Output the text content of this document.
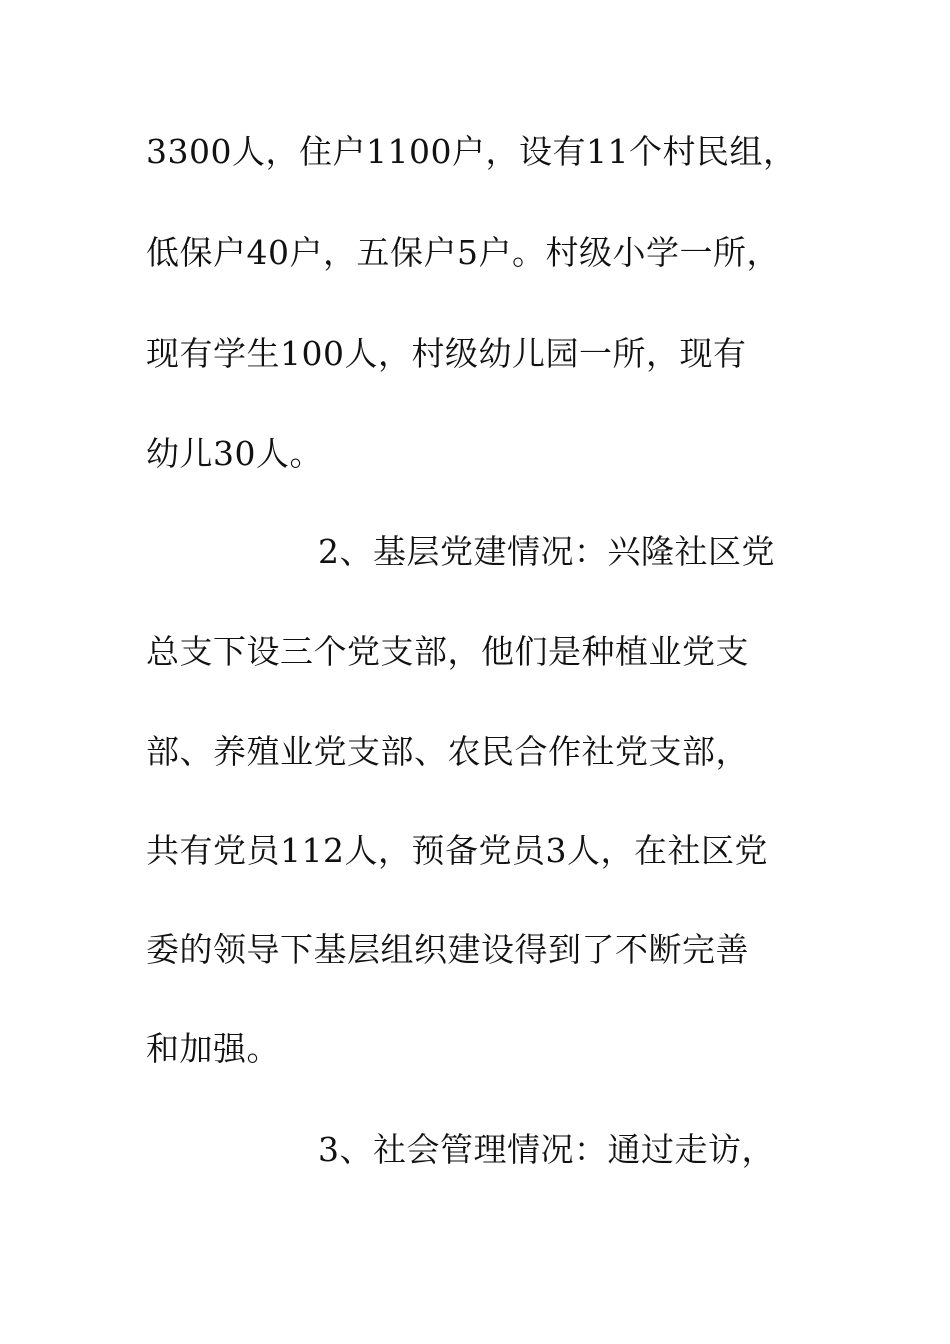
3300人，住户1100户，设有11个村民组，
低保户40户，五保户5户。村级小学一所，
现有学生100人，村级幼儿园一所，现有
幼儿30人。
2、基层党建情况：兴隆社区党
总支下设三个党支部，他们是种植业党支
部、养殖业党支部、农民合作社党支部，
共有党员112人，预备党员3人，在社区党
委的领导下基层组织建设得到了不断完善
和加强。
3、社会管理情况：通过走访，
